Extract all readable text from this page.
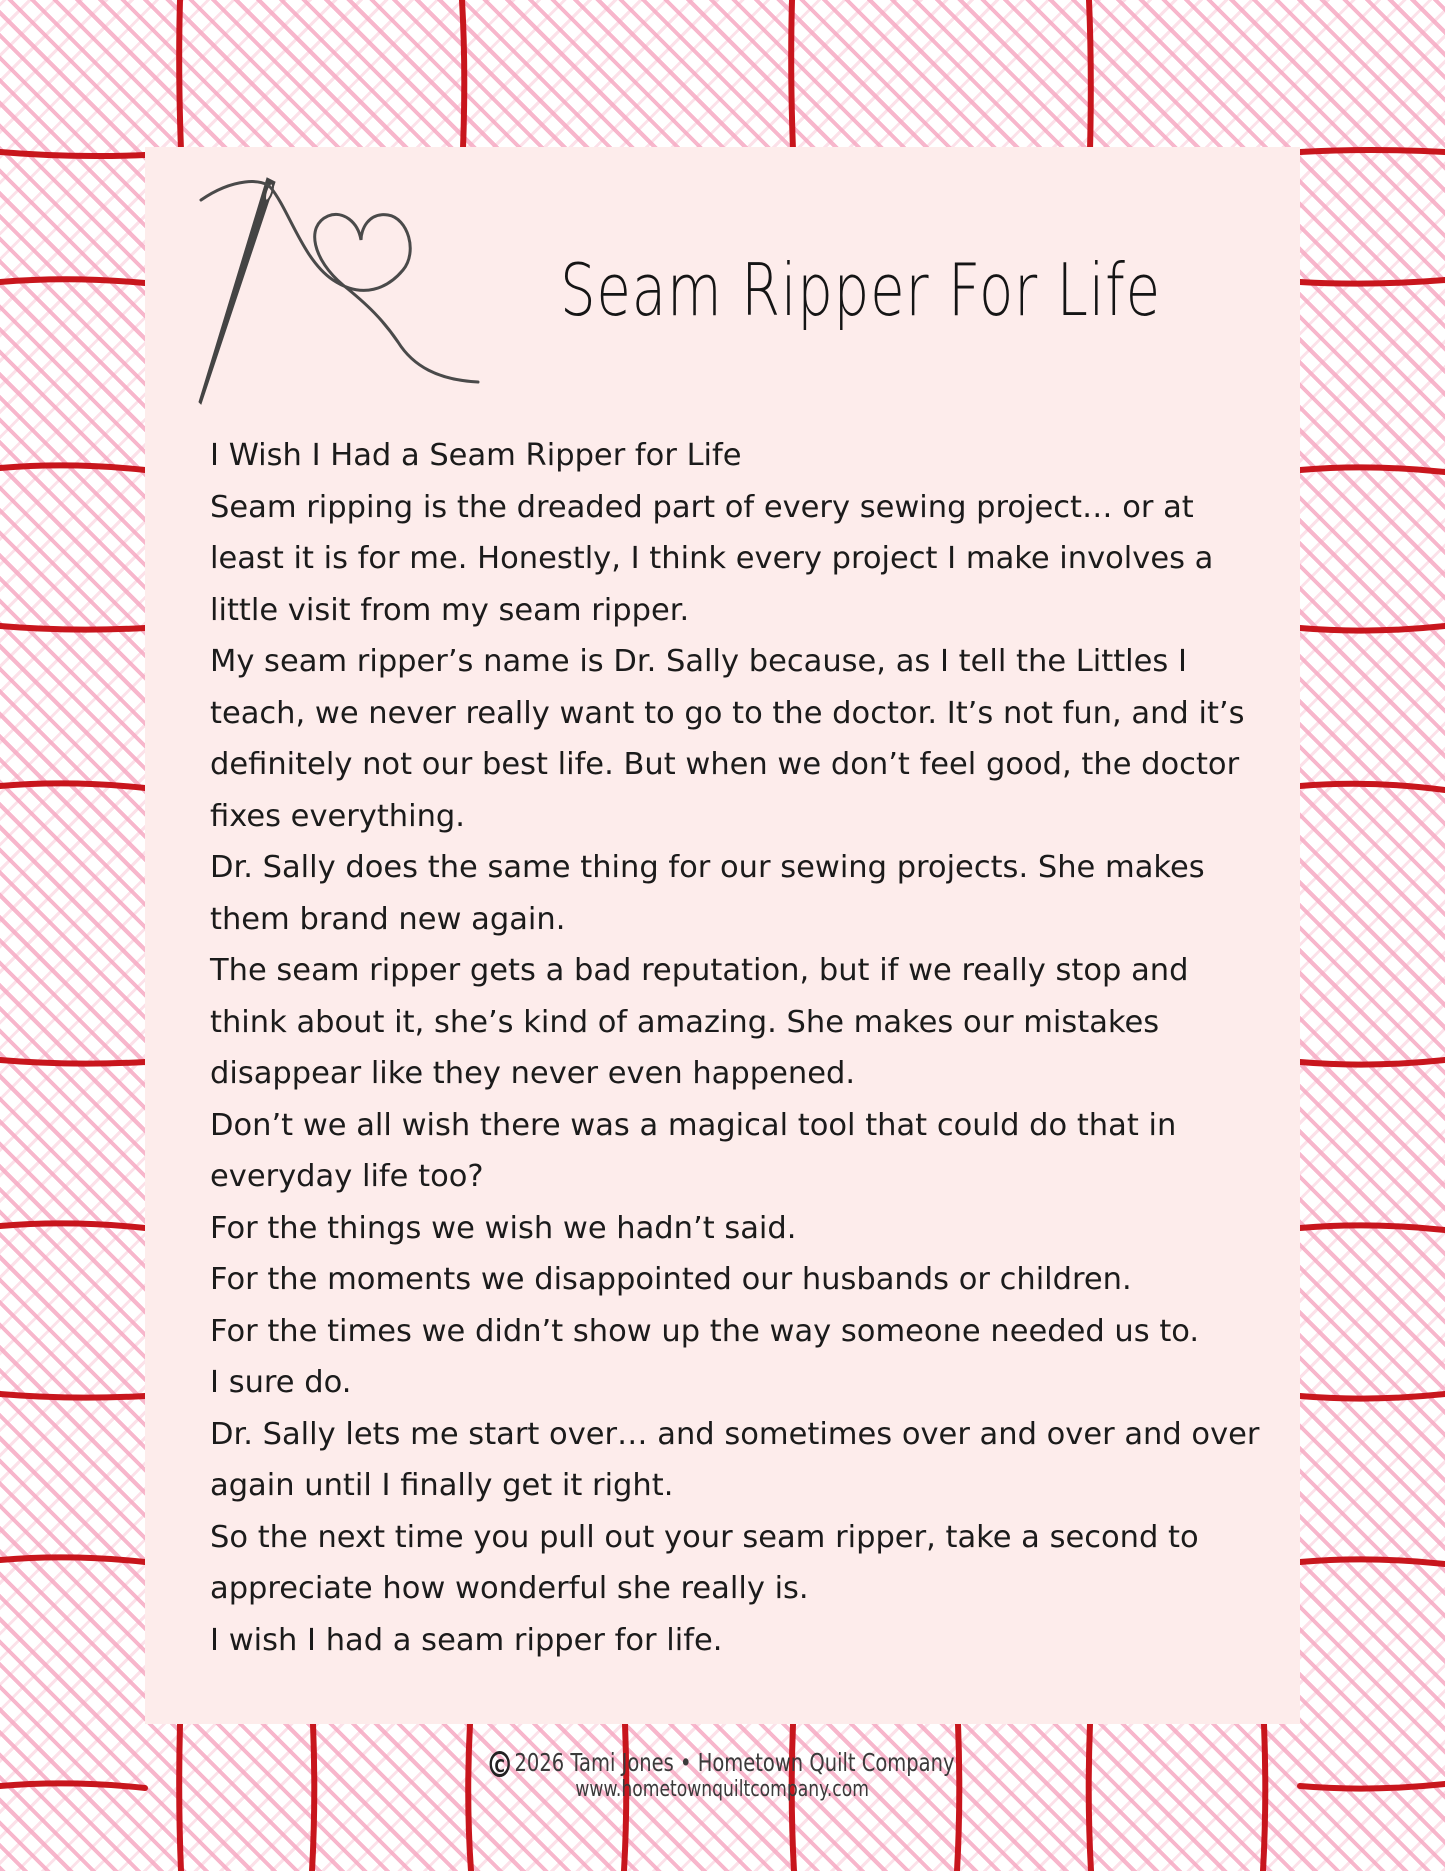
Seam Ripper For Life

I Wish I Had a Seam Ripper for Life

Seam ripping is the dreaded part of every sewing project… or at least it is for me. Honestly, I think every project I make involves a little visit from my seam ripper.

My seam ripper’s name is Dr. Sally because, as I tell the Littles I teach, we never really want to go to the doctor. It’s not fun, and it’s definitely not our best life. But when we don’t feel good, the doctor fixes everything.

Dr. Sally does the same thing for our sewing projects. She makes them brand new again.

The seam ripper gets a bad reputation, but if we really stop and think about it, she’s kind of amazing. She makes our mistakes disappear like they never even happened.

Don’t we all wish there was a magical tool that could do that in everyday life too?

For the things we wish we hadn’t said.

For the moments we disappointed our husbands or children.

For the times we didn’t show up the way someone needed us to.

I sure do.

Dr. Sally lets me start over… and sometimes over and over and over again until I finally get it right.

So the next time you pull out your seam ripper, take a second to appreciate how wonderful she really is.

I wish I had a seam ripper for life.

C 2026 Tami Jones • Hometown Quilt Company
www.hometownquiltcompany.com
